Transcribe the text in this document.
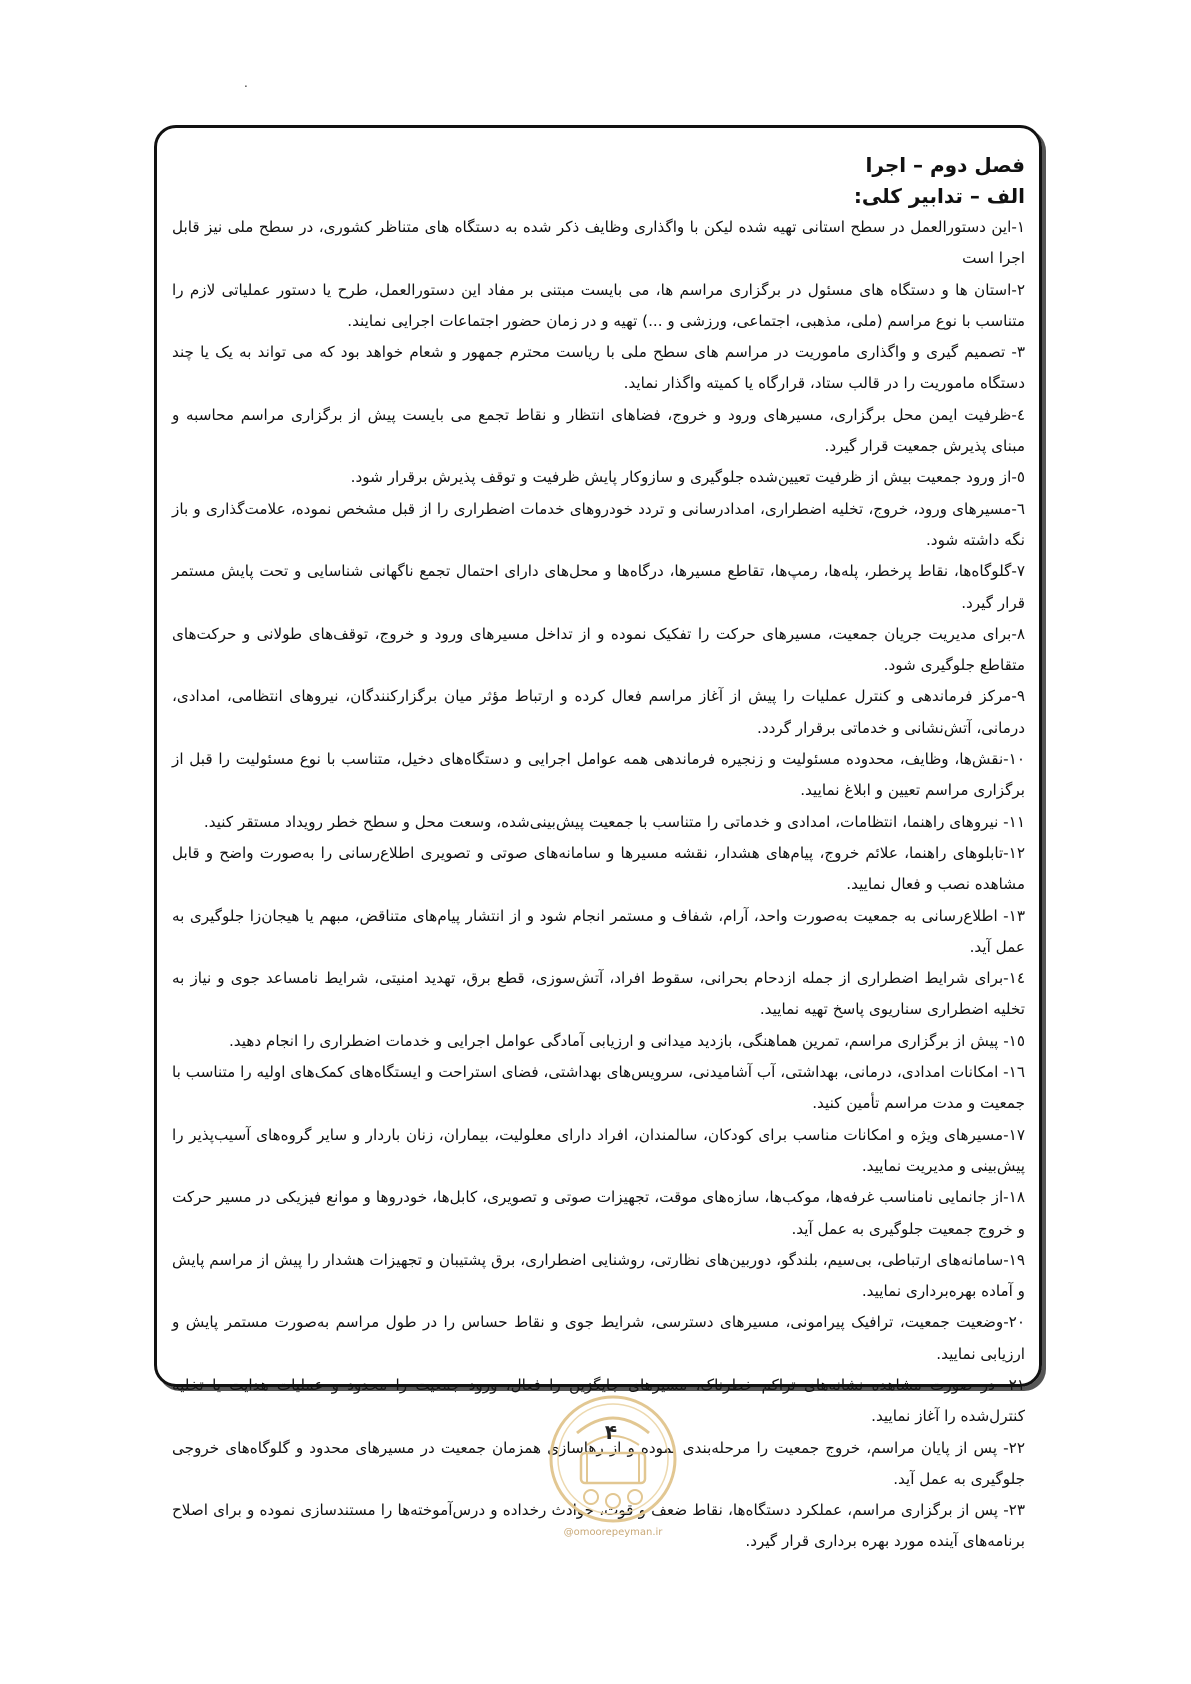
.
فصل دوم – اجرا
الف – تدابیر کلی:
١-این دستورالعمل در سطح استانی تهیه شده لیکن با واگذاری وظایف ذکر شده به دستگاه های متناظر کشوری، در سطح ملی نیز قابل اجرا است
٢-استان ها و دستگاه های مسئول در برگزاری مراسم ها، می بایست مبتنی بر مفاد این دستورالعمل، طرح یا دستور عملیاتی لازم را متناسب با نوع مراسم (ملی، مذهبی، اجتماعی، ورزشی و ...) تهیه و در زمان حضور اجتماعات اجرایی نمایند.
٣- تصمیم گیری و واگذاری ماموریت در مراسم های سطح ملی با ریاست محترم جمهور و شعام خواهد بود که می تواند به یک یا چند دستگاه ماموریت را در قالب ستاد، قرارگاه یا کمیته واگذار نماید.
٤-ظرفیت ایمن محل برگزاری، مسیرهای ورود و خروج، فضاهای انتظار و نقاط تجمع می بایست پیش از برگزاری مراسم محاسبه و مبنای پذیرش جمعیت قرار گیرد.
٥-از ورود جمعیت بیش از ظرفیت تعیین‌شده جلوگیری و سازوکار پایش ظرفیت و توقف پذیرش برقرار شود.
٦-مسیرهای ورود، خروج، تخلیه اضطراری، امدادرسانی و تردد خودروهای خدمات اضطراری را از قبل مشخص نموده، علامت‌گذاری و باز نگه داشته شود.
٧-گلوگاه‌ها، نقاط پرخطر، پله‌ها، رمپ‌ها، تقاطع مسیرها، درگاه‌ها و محل‌های دارای احتمال تجمع ناگهانی شناسایی و تحت پایش مستمر قرار گیرد.
٨-برای مدیریت جریان جمعیت، مسیرهای حرکت را تفکیک نموده و از تداخل مسیرهای ورود و خروج، توقف‌های طولانی و حرکت‌های متقاطع جلوگیری شود.
٩-مرکز فرماندهی و کنترل عملیات را پیش از آغاز مراسم فعال کرده و ارتباط مؤثر میان برگزارکنندگان، نیروهای انتظامی، امدادی، درمانی، آتش‌نشانی و خدماتی برقرار گردد.
١٠-نقش‌ها، وظایف، محدوده مسئولیت و زنجیره فرماندهی همه عوامل اجرایی و دستگاه‌های دخیل، متناسب با نوع مسئولیت را قبل از برگزاری مراسم تعیین و ابلاغ نمایید.
١١- نیروهای راهنما، انتظامات، امدادی و خدماتی را متناسب با جمعیت پیش‌بینی‌شده، وسعت محل و سطح خطر رویداد مستقر کنید.
١٢-تابلوهای راهنما، علائم خروج، پیام‌های هشدار، نقشه مسیرها و سامانه‌های صوتی و تصویری اطلاع‌رسانی را به‌صورت واضح و قابل مشاهده نصب و فعال نمایید.
١٣- اطلاع‌رسانی به جمعیت به‌صورت واحد، آرام، شفاف و مستمر انجام شود و از انتشار پیام‌های متناقض، مبهم یا هیجان‌زا جلوگیری به عمل آید.
١٤-برای شرایط اضطراری از جمله ازدحام بحرانی، سقوط افراد، آتش‌سوزی، قطع برق، تهدید امنیتی، شرایط نامساعد جوی و نیاز به تخلیه اضطراری سناریوی پاسخ تهیه نمایید.
١٥- پیش از برگزاری مراسم، تمرین هماهنگی، بازدید میدانی و ارزیابی آمادگی عوامل اجرایی و خدمات اضطراری را انجام دهید.
١٦- امکانات امدادی، درمانی، بهداشتی، آب آشامیدنی، سرویس‌های بهداشتی، فضای استراحت و ایستگاه‌های کمک‌های اولیه را متناسب با جمعیت و مدت مراسم تأمین کنید.
١٧-مسیرهای ویژه و امکانات مناسب برای کودکان، سالمندان، افراد دارای معلولیت، بیماران، زنان باردار و سایر گروه‌های آسیب‌پذیر را پیش‌بینی و مدیریت نمایید.
١٨-از جانمایی نامناسب غرفه‌ها، موکب‌ها، سازه‌های موقت، تجهیزات صوتی و تصویری، کابل‌ها، خودروها و موانع فیزیکی در مسیر حرکت و خروج جمعیت جلوگیری به عمل آید.
١٩-سامانه‌های ارتباطی، بی‌سیم، بلندگو، دوربین‌های نظارتی، روشنایی اضطراری، برق پشتیبان و تجهیزات هشدار را پیش از مراسم پایش و آماده بهره‌برداری نمایید.
٢٠-وضعیت جمعیت، ترافیک پیرامونی، مسیرهای دسترسی، شرایط جوی و نقاط حساس را در طول مراسم به‌صورت مستمر پایش و ارزیابی نمایید.
٢١- در صورت مشاهده نشانه‌های تراکم خطرناک، مسیرهای جایگزین را فعال، ورود جمعیت را محدود و عملیات هدایت یا تخلیه کنترل‌شده را آغاز نمایید.
٢٢- پس از پایان مراسم، خروج جمعیت را مرحله‌بندی نموده و از رهاسازی همزمان جمعیت در مسیرهای محدود و گلوگاه‌های خروجی جلوگیری به عمل آید.
٢٣- پس از برگزاری مراسم، عملکرد دستگاه‌ها، نقاط ضعف و قوت، حوادث رخداده و درس‌آموخته‌ها را مستندسازی نموده و برای اصلاح برنامه‌های آینده مورد بهره برداری قرار گیرد.
۴
@omoorepeyman.ir
